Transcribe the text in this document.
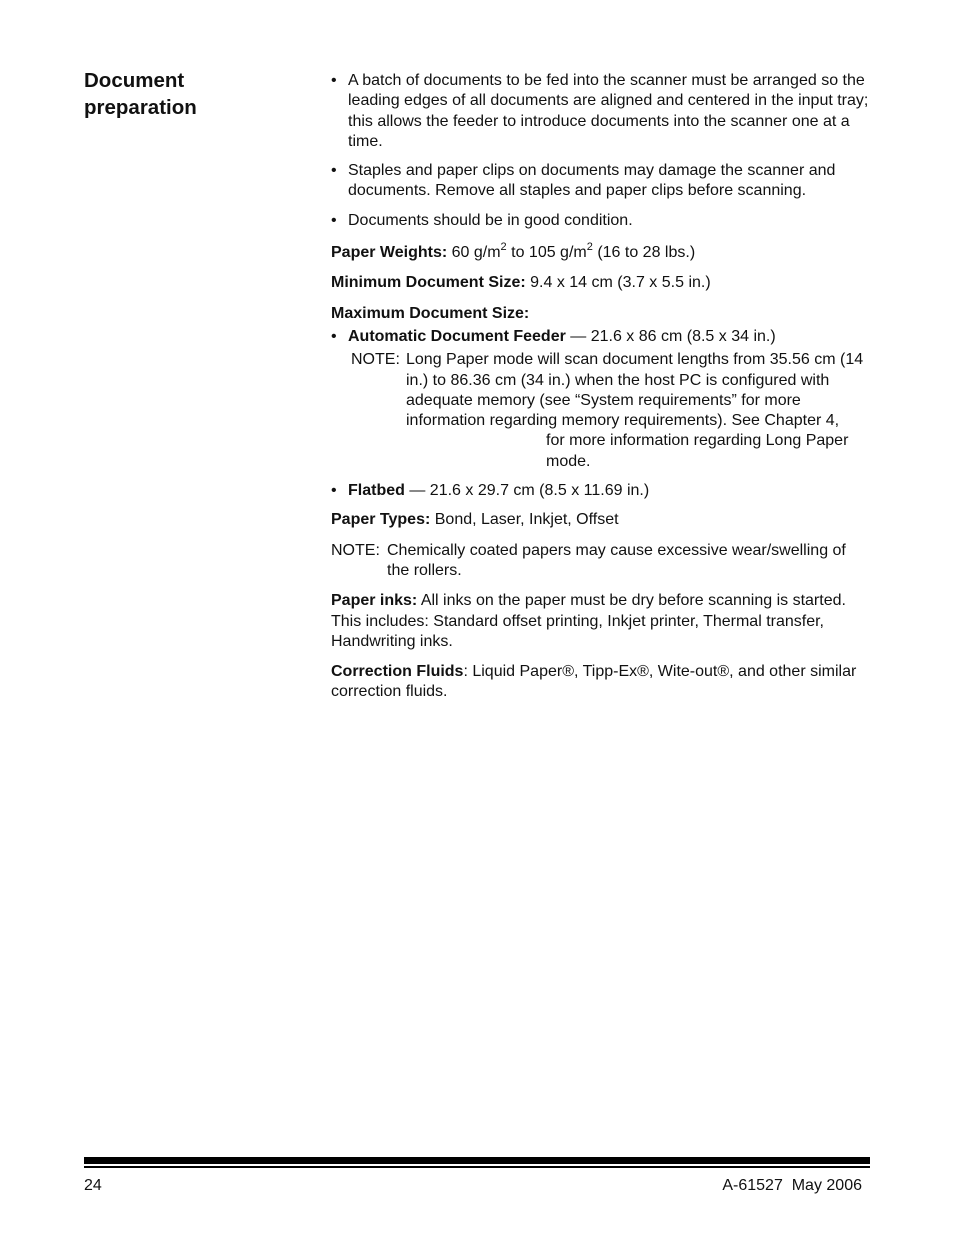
Document preparation
• A batch of documents to be fed into the scanner must be arranged so the leading edges of all documents are aligned and centered in the input tray; this allows the feeder to introduce documents into the scanner one at a time.
• Staples and paper clips on documents may damage the scanner and documents. Remove all staples and paper clips before scanning.
• Documents should be in good condition.

Paper Weights: 60 $g/m^2$ to 105 $g/m^2$ (16 to 28 lbs.)

Minimum Document Size: 9.4 x 14 cm (3.7 x 5.5 in.)

Maximum Document Size:

• Automatic Document Feeder — 21.6 x 86 cm (8.5 x 34 in.)
NOTE: Long Paper mode will scan document lengths from 35.56 cm (14 in.) to 86.36 cm (34 in.) when the host PC is configured with adequate memory (see “System requirements” for more information regarding memory requirements). See Chapter 4,
for more information regarding Long Paper mode.
• Flatbed — 21.6 x 29.7 cm (8.5 x 11.69 in.)

Paper Types: Bond, Laser, Inkjet, Offset

NOTE: Chemically coated papers may cause excessive wear/swelling of the rollers.

Paper inks: All inks on the paper must be dry before scanning is started. This includes: Standard offset printing, Inkjet printer, Thermal transfer, Handwriting inks.

Correction Fluids: Liquid Paper®, Tipp-Ex®, Wite-out®, and other similar correction fluids.

24	A-61527  May 2006
